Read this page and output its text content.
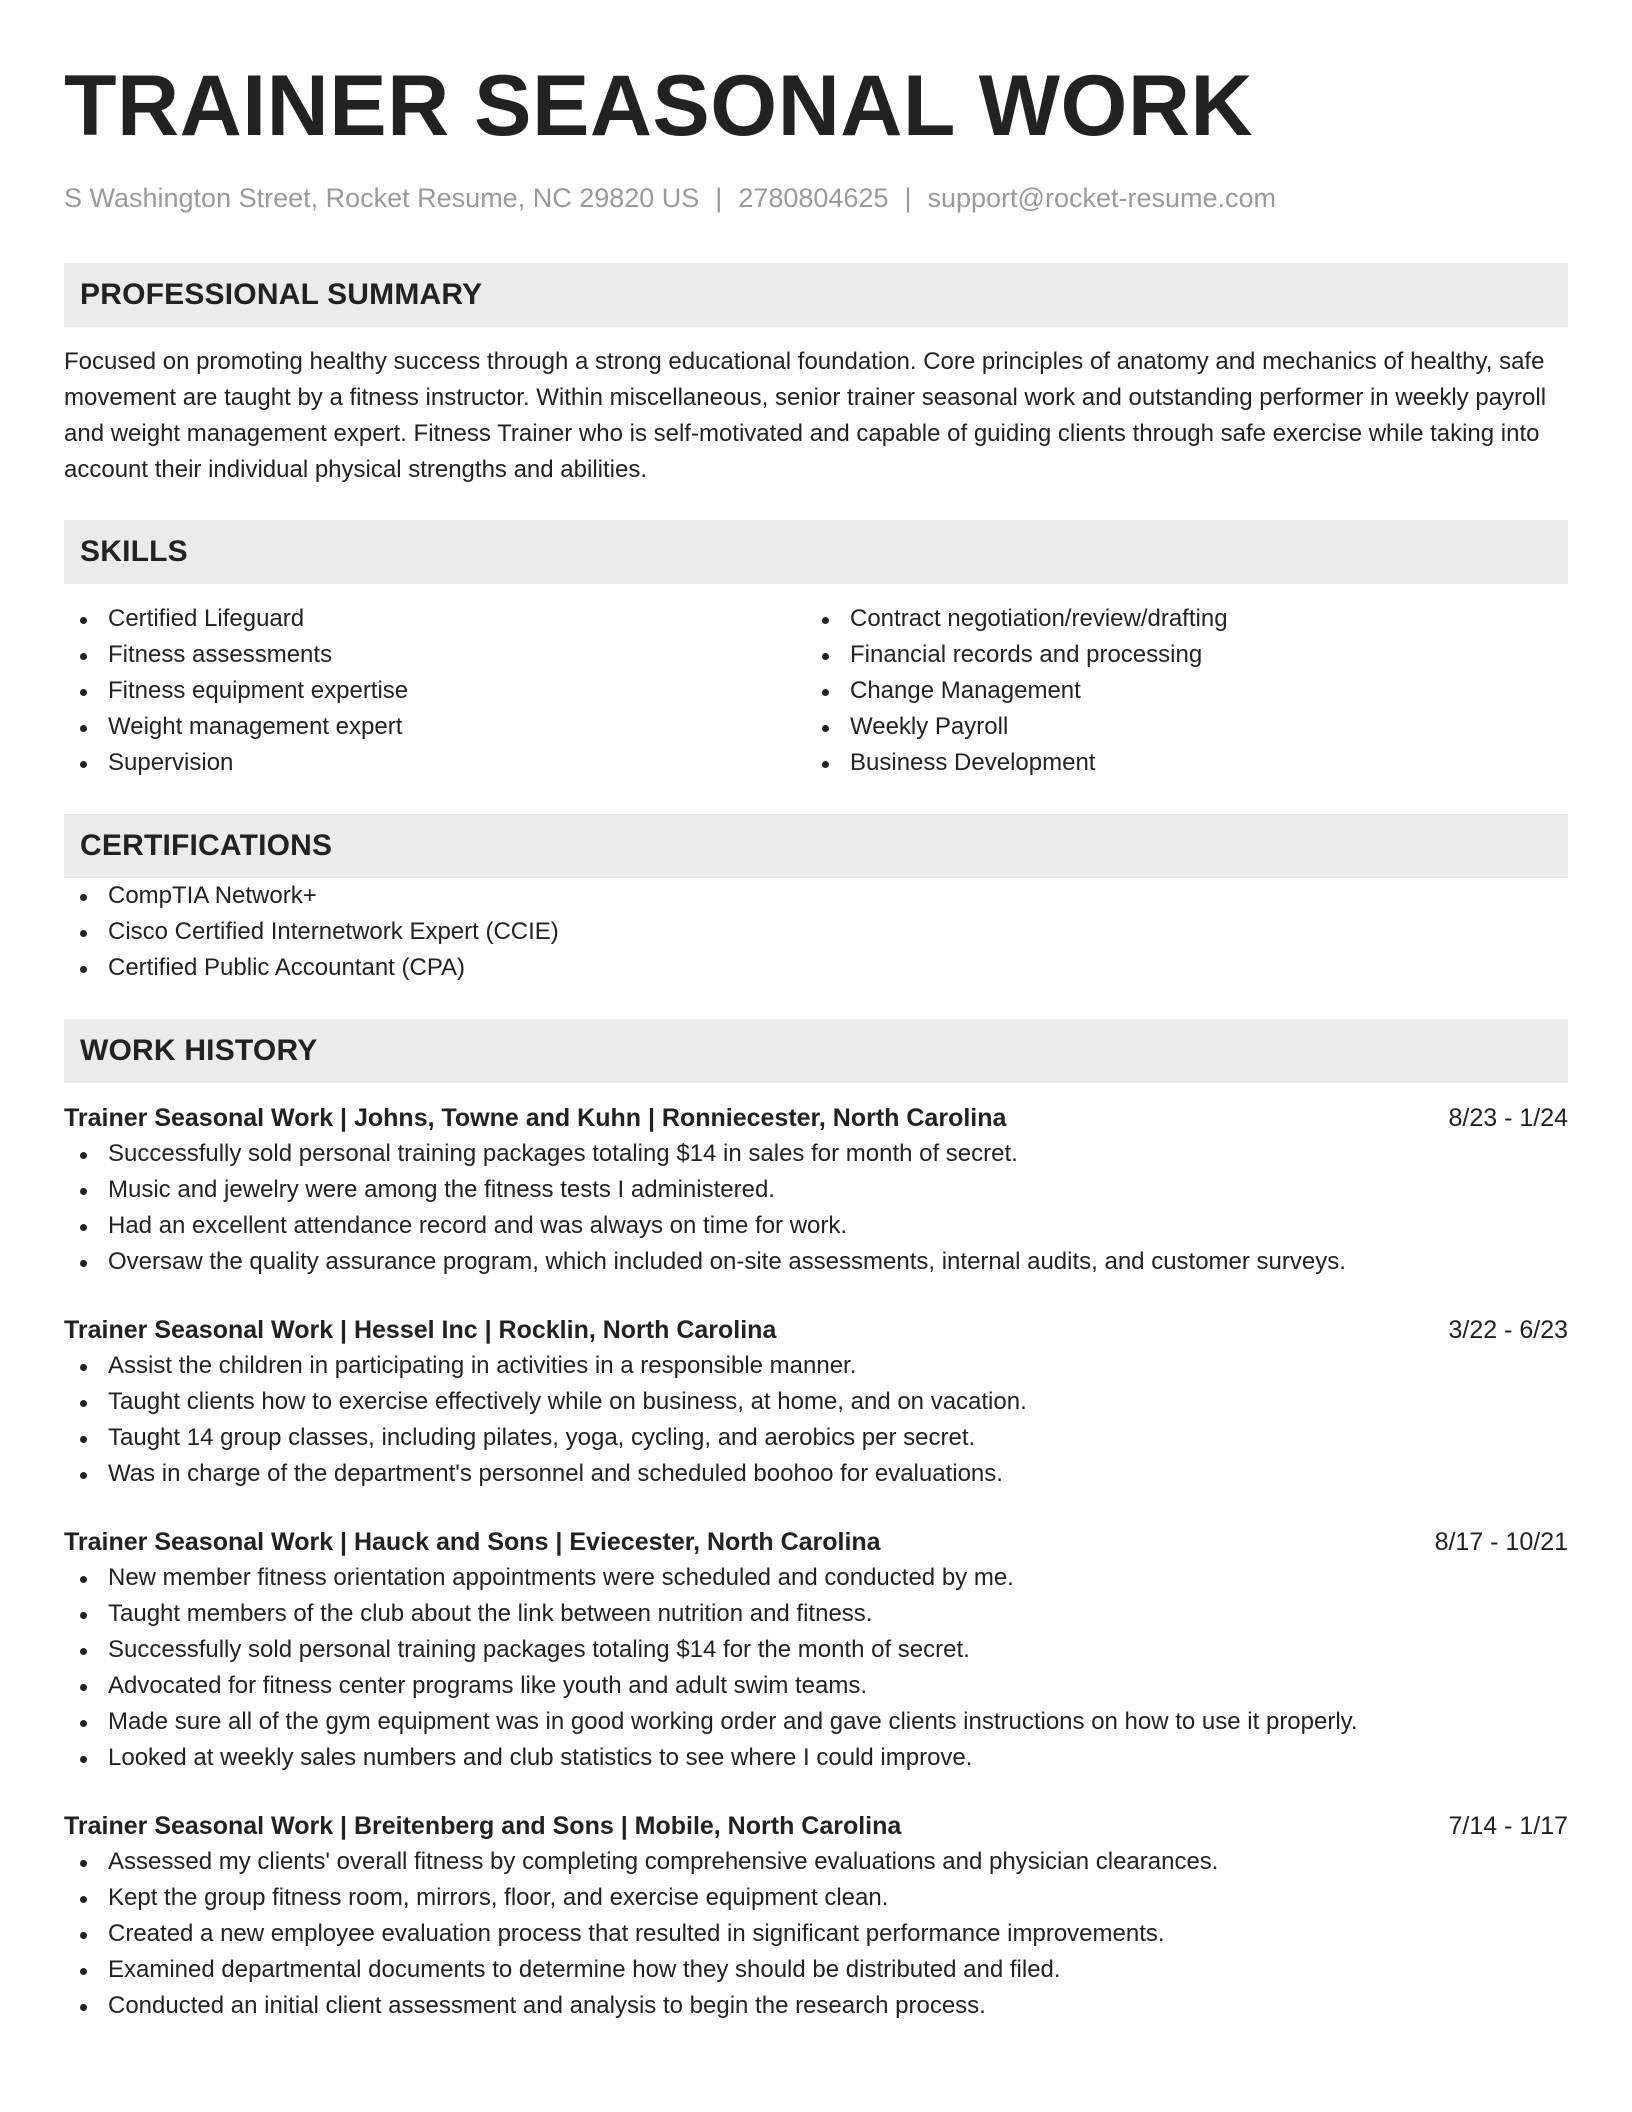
TRAINER SEASONAL WORK
S Washington Street, Rocket Resume, NC 29820 US | 2780804625 | support@rocket-resume.com
PROFESSIONAL SUMMARY
Focused on promoting healthy success through a strong educational foundation. Core principles of anatomy and mechanics of healthy, safe movement are taught by a fitness instructor. Within miscellaneous, senior trainer seasonal work and outstanding performer in weekly payroll and weight management expert. Fitness Trainer who is self-motivated and capable of guiding clients through safe exercise while taking into account their individual physical strengths and abilities.
SKILLS
Certified Lifeguard
Fitness assessments
Fitness equipment expertise
Weight management expert
Supervision
Contract negotiation/review/drafting
Financial records and processing
Change Management
Weekly Payroll
Business Development
CERTIFICATIONS
CompTIA Network+
Cisco Certified Internetwork Expert (CCIE)
Certified Public Accountant (CPA)
WORK HISTORY
Trainer Seasonal Work | Johns, Towne and Kuhn | Ronniecester, North Carolina	8/23 - 1/24
Successfully sold personal training packages totaling $14 in sales for month of secret.
Music and jewelry were among the fitness tests I administered.
Had an excellent attendance record and was always on time for work.
Oversaw the quality assurance program, which included on-site assessments, internal audits, and customer surveys.
Trainer Seasonal Work | Hessel Inc | Rocklin, North Carolina	3/22 - 6/23
Assist the children in participating in activities in a responsible manner.
Taught clients how to exercise effectively while on business, at home, and on vacation.
Taught 14 group classes, including pilates, yoga, cycling, and aerobics per secret.
Was in charge of the department's personnel and scheduled boohoo for evaluations.
Trainer Seasonal Work | Hauck and Sons | Eviecester, North Carolina	8/17 - 10/21
New member fitness orientation appointments were scheduled and conducted by me.
Taught members of the club about the link between nutrition and fitness.
Successfully sold personal training packages totaling $14 for the month of secret.
Advocated for fitness center programs like youth and adult swim teams.
Made sure all of the gym equipment was in good working order and gave clients instructions on how to use it properly.
Looked at weekly sales numbers and club statistics to see where I could improve.
Trainer Seasonal Work | Breitenberg and Sons | Mobile, North Carolina	7/14 - 1/17
Assessed my clients' overall fitness by completing comprehensive evaluations and physician clearances.
Kept the group fitness room, mirrors, floor, and exercise equipment clean.
Created a new employee evaluation process that resulted in significant performance improvements.
Examined departmental documents to determine how they should be distributed and filed.
Conducted an initial client assessment and analysis to begin the research process.
